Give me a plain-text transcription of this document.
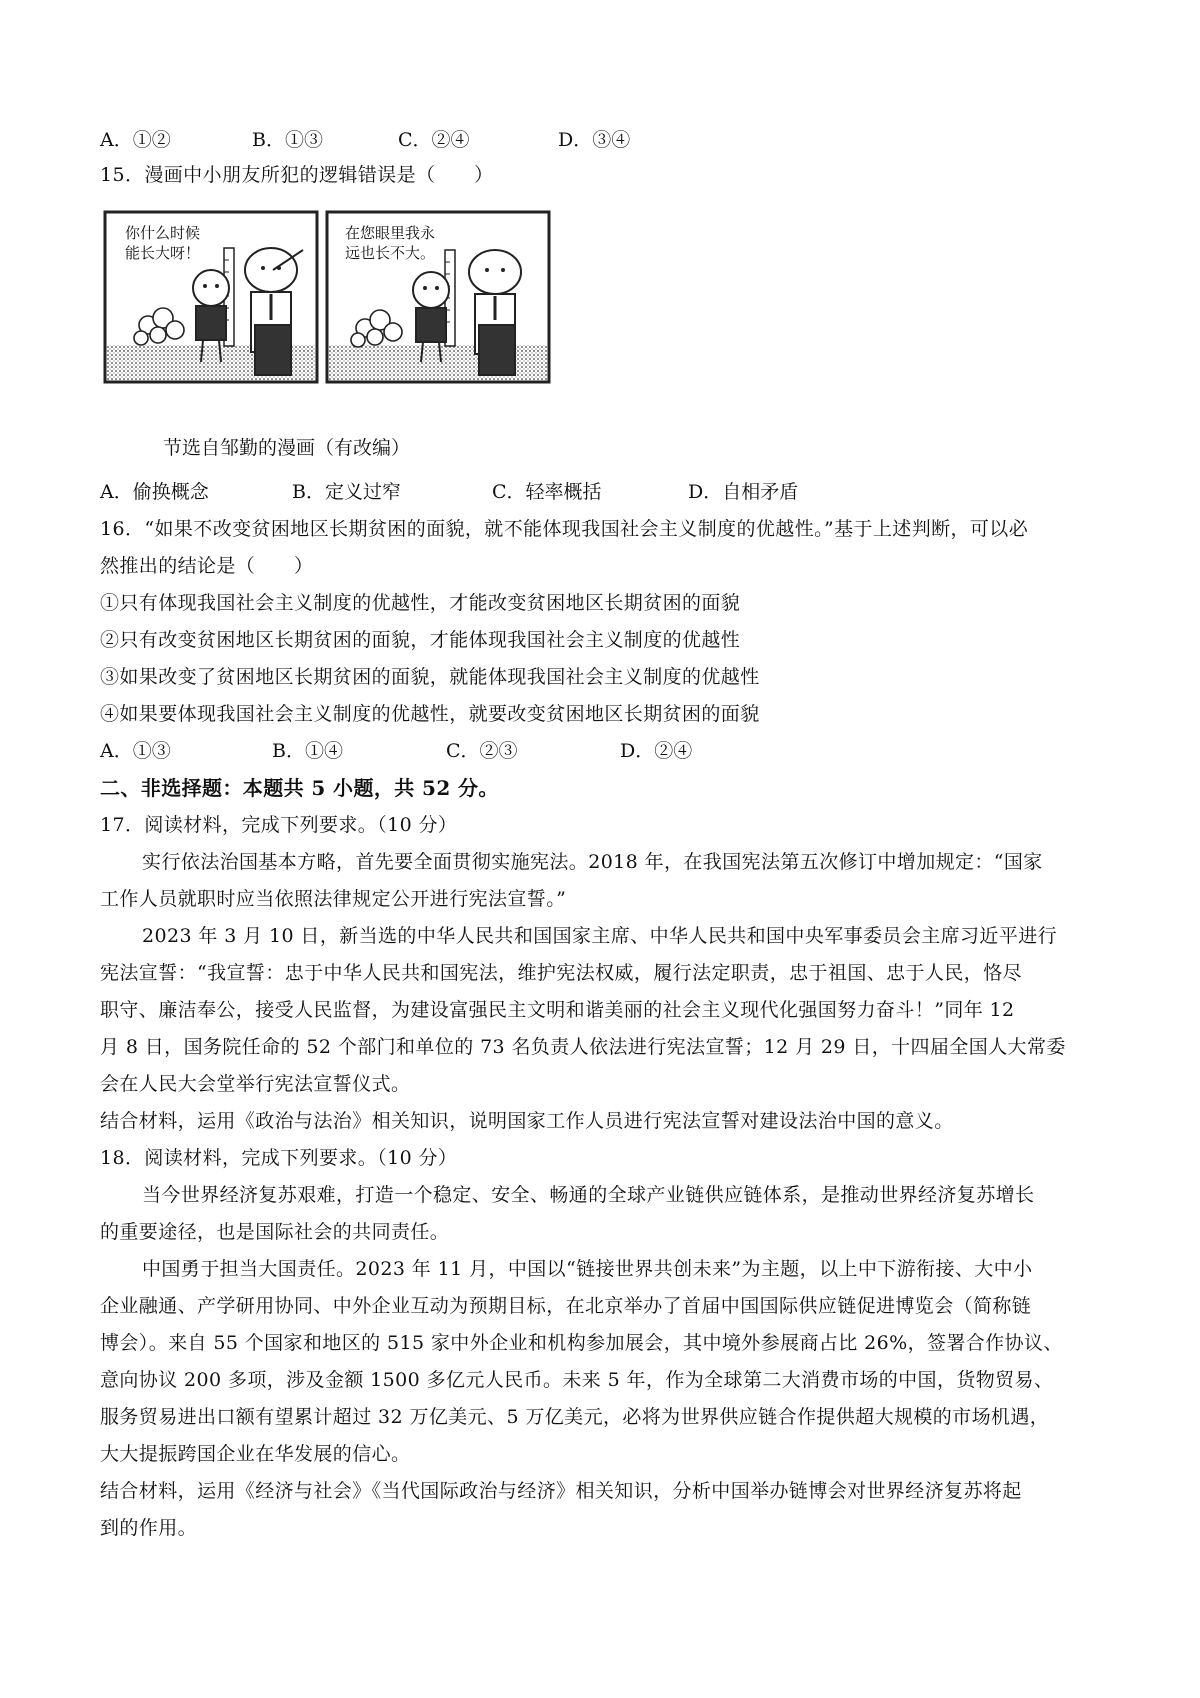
A．①②	B．①③	C．②④	D．③④
15．漫画中小朋友所犯的逻辑错误是（　　）
你什么时候
能长大呀！
在您眼里我永
远也长不大。
节选自邹勤的漫画（有改编）
A．偷换概念	B．定义过窄	C．轻率概括	D．自相矛盾
16．“如果不改变贫困地区长期贫困的面貌，就不能体现我国社会主义制度的优越性。”基于上述判断，可以必
然推出的结论是（　　）
①只有体现我国社会主义制度的优越性，才能改变贫困地区长期贫困的面貌
②只有改变贫困地区长期贫困的面貌，才能体现我国社会主义制度的优越性
③如果改变了贫困地区长期贫困的面貌，就能体现我国社会主义制度的优越性
④如果要体现我国社会主义制度的优越性，就要改变贫困地区长期贫困的面貌
A．①③	B．①④	C．②③	D．②④
二、非选择题：本题共 5 小题，共 52 分。
17．阅读材料，完成下列要求。（10 分）
实行依法治国基本方略，首先要全面贯彻实施宪法。2018 年，在我国宪法第五次修订中增加规定：“国家
工作人员就职时应当依照法律规定公开进行宪法宣誓。”
2023 年 3 月 10 日，新当选的中华人民共和国国家主席、中华人民共和国中央军事委员会主席习近平进行
宪法宣誓：“我宣誓：忠于中华人民共和国宪法，维护宪法权威，履行法定职责，忠于祖国、忠于人民，恪尽
职守、廉洁奉公，接受人民监督，为建设富强民主文明和谐美丽的社会主义现代化强国努力奋斗！”同年 12
月 8 日，国务院任命的 52 个部门和单位的 73 名负责人依法进行宪法宣誓；12 月 29 日，十四届全国人大常委
会在人民大会堂举行宪法宣誓仪式。
结合材料，运用《政治与法治》相关知识，说明国家工作人员进行宪法宣誓对建设法治中国的意义。
18．阅读材料，完成下列要求。（10 分）
当今世界经济复苏艰难，打造一个稳定、安全、畅通的全球产业链供应链体系，是推动世界经济复苏增长
的重要途径，也是国际社会的共同责任。
中国勇于担当大国责任。2023 年 11 月，中国以“链接世界共创未来”为主题，以上中下游衔接、大中小
企业融通、产学研用协同、中外企业互动为预期目标，在北京举办了首届中国国际供应链促进博览会（简称链
博会）。来自 55 个国家和地区的 515 家中外企业和机构参加展会，其中境外参展商占比 26%，签署合作协议、
意向协议 200 多项，涉及金额 1500 多亿元人民币。未来 5 年，作为全球第二大消费市场的中国，货物贸易、
服务贸易进出口额有望累计超过 32 万亿美元、5 万亿美元，必将为世界供应链合作提供超大规模的市场机遇，
大大提振跨国企业在华发展的信心。
结合材料，运用《经济与社会》《当代国际政治与经济》相关知识，分析中国举办链博会对世界经济复苏将起
到的作用。
